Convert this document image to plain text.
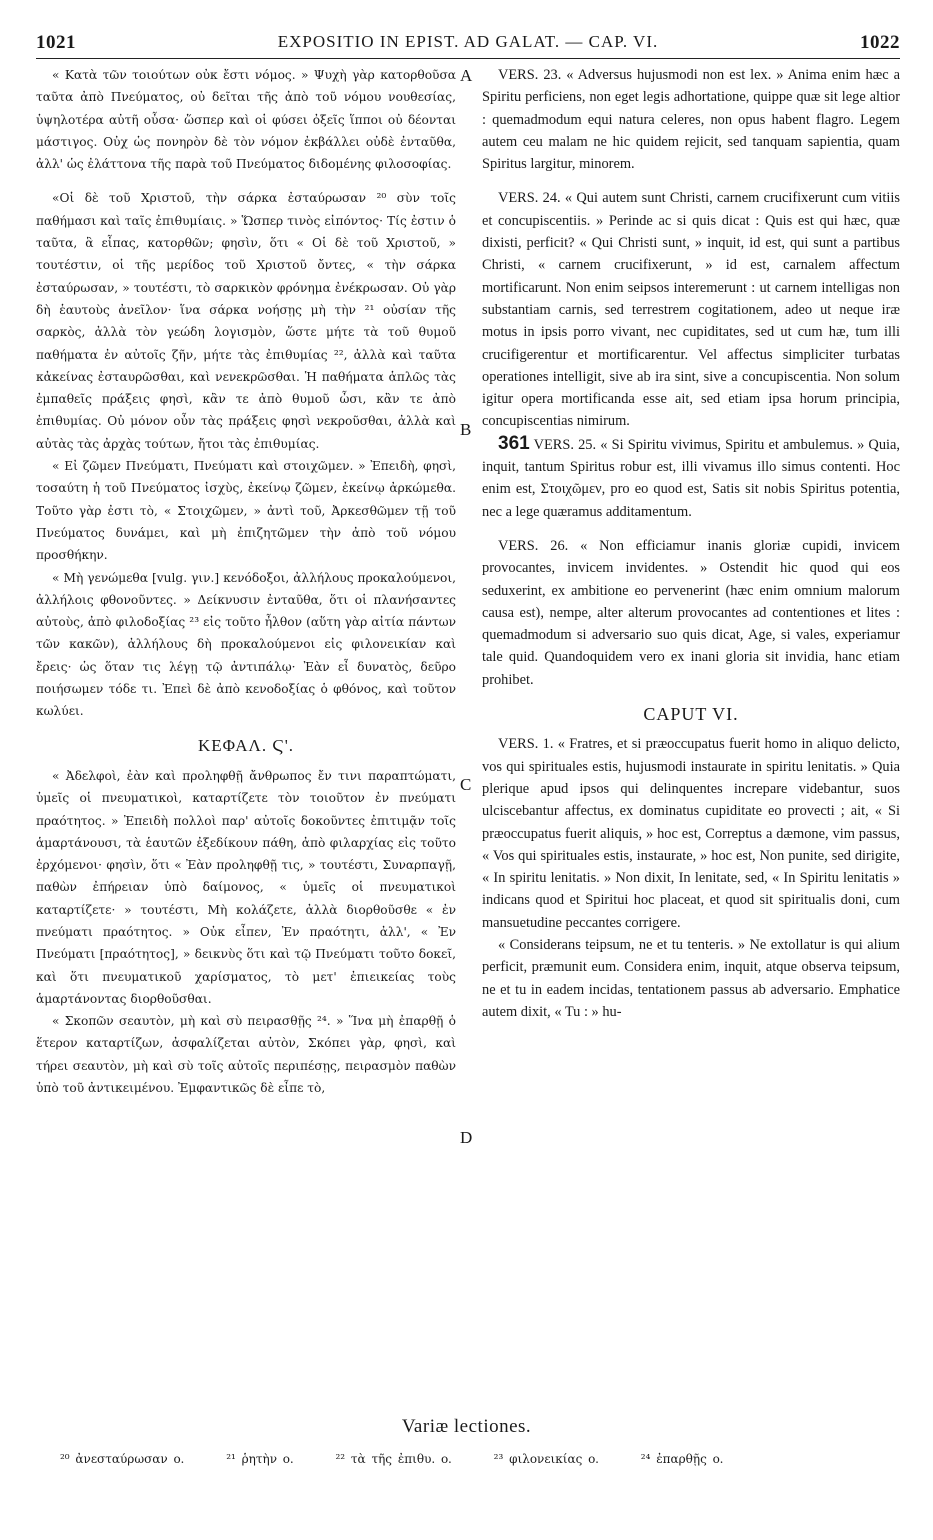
1021	EXPOSITIO IN EPIST. AD GALAT. — CAP. VI.	1022
A
B
C
D

« Κατὰ τῶν τοιούτων οὐκ ἔστι νόμος. » Ψυχὴ γὰρ κατορθοῦσα ταῦτα ἀπὸ Πνεύματος, οὐ δεῖται τῆς ἀπὸ τοῦ νόμου νουθεσίας, ὑψηλοτέρα αὐτῆ οὖσα· ὥσπερ καὶ οἱ φύσει ὀξεῖς ἵπποι οὐ δέονται μάστιγος. Οὐχ ὡς πονηρὸν δὲ τὸν νόμον ἐκβάλλει οὐδὲ ἐνταῦθα, ἀλλ' ὡς ἐλάττονα τῆς παρὰ τοῦ Πνεύματος διδομένης φιλοσοφίας.

«Οἱ δὲ τοῦ Χριστοῦ, τὴν σάρκα ἐσταύρωσαν ²⁰ σὺν τοῖς παθήμασι καὶ ταῖς ἐπιθυμίαις. » Ὥσπερ τινὸς εἰπόντος· Τίς ἐστιν ὁ ταῦτα, ἃ εἶπας, κατορθῶν; φησὶν, ὅτι « Οἱ δὲ τοῦ Χριστοῦ, » τουτέστιν, οἱ τῆς μερίδος τοῦ Χριστοῦ ὄντες, « τὴν σάρκα ἐσταύρωσαν, » τουτέστι, τὸ σαρκικὸν φρόνημα ἐνέκρωσαν. Οὐ γὰρ δὴ ἑαυτοὺς ἀνεῖλον· ἵνα σάρκα νοήσῃς μὴ τὴν ²¹ οὐσίαν τῆς σαρκὸς, ἀλλὰ τὸν γεώδη λογισμὸν, ὥστε μήτε τὰ τοῦ θυμοῦ παθήματα ἐν αὐτοῖς ζῆν, μήτε τὰς ἐπιθυμίας ²², ἀλλὰ καὶ ταῦτα κἀκείνας ἐσταυρῶσθαι, καὶ νενεκρῶσθαι. Ἡ παθήματα ἁπλῶς τὰς ἐμπαθεῖς πράξεις φησὶ, κἂν τε ἀπὸ θυμοῦ ὦσι, κἂν τε ἀπὸ ἐπιθυμίας. Οὐ μόνον οὖν τὰς πράξεις φησὶ νεκροῦσθαι, ἀλλὰ καὶ αὐτὰς τὰς ἀρχὰς τούτων, ἤτοι τὰς ἐπιθυμίας.

« Εἰ ζῶμεν Πνεύματι, Πνεύματι καὶ στοιχῶμεν. » Ἐπειδὴ, φησὶ, τοσαύτη ἡ τοῦ Πνεύματος ἰσχὺς, ἐκείνῳ ζῶμεν, ἐκείνῳ ἀρκώμεθα. Τοῦτο γὰρ ἐστι τὸ, « Στοιχῶμεν, » ἀντὶ τοῦ, Ἀρκεσθῶμεν τῇ τοῦ Πνεύματος δυνάμει, καὶ μὴ ἐπιζητῶμεν τὴν ἀπὸ τοῦ νόμου προσθήκην.

« Μὴ γενώμεθα [vulg. γιν.] κενόδοξοι, ἀλλήλους προκαλούμενοι, ἀλλήλοις φθονοῦντες. » Δείκνυσιν ἐνταῦθα, ὅτι οἱ πλανήσαντες αὐτοὺς, ἀπὸ φιλοδοξίας ²³ εἰς τοῦτο ἦλθον (αὕτη γὰρ αἰτία πάντων τῶν κακῶν), ἀλλήλους δὴ προκαλούμενοι εἰς φιλονεικίαν καὶ ἔρεις· ὡς ὅταν τις λέγῃ τῷ ἀντιπάλῳ· Ἐὰν εἶ δυνατὸς, δεῦρο ποιήσωμεν τόδε τι. Ἐπεὶ δὲ ἀπὸ κενοδοξίας ὁ φθόνος, καὶ τοῦτον κωλύει.

ΚΕΦΑΛ. Ϛ'.

« Ἀδελφοὶ, ἐὰν καὶ προληφθῇ ἄνθρωπος ἔν τινι παραπτώματι, ὑμεῖς οἱ πνευματικοὶ, καταρτίζετε τὸν τοιοῦτον ἐν πνεύματι πραότητος. » Ἐπειδὴ πολλοὶ παρ' αὐτοῖς δοκοῦντες ἐπιτιμᾷν τοῖς ἁμαρτάνουσι, τὰ ἑαυτῶν ἐξεδίκουν πάθη, ἀπὸ φιλαρχίας εἰς τοῦτο ἐρχόμενοι· φησὶν, ὅτι « Ἐὰν προληφθῇ τις, » τουτέστι, Συναρπαγῇ, παθὼν ἐπήρειαν ὑπὸ δαίμονος, « ὑμεῖς οἱ πνευματικοὶ καταρτίζετε· » τουτέστι, Μὴ κολάζετε, ἀλλὰ διορθοῦσθε « ἐν πνεύματι πραότητος. » Οὐκ εἶπεν, Ἐν πραότητι, ἀλλ', « Ἐν Πνεύματι [πραότητος], » δεικνὺς ὅτι καὶ τῷ Πνεύματι τοῦτο δοκεῖ, καὶ ὅτι πνευματικοῦ χαρίσματος, τὸ μετ' ἐπιεικείας τοὺς ἁμαρτάνοντας διορθοῦσθαι.

« Σκοπῶν σεαυτὸν, μὴ καὶ σὺ πειρασθῇς ²⁴. » Ἵνα μὴ ἐπαρθῇ ὁ ἕτερον καταρτίζων, ἀσφαλίζεται αὐτὸν, Σκόπει γὰρ, φησὶ, καὶ τήρει σεαυτὸν, μὴ καὶ σὺ τοῖς αὐτοῖς περιπέσῃς, πειρασμὸν παθὼν ὑπὸ τοῦ ἀντικειμένου. Ἐμφαντικῶς δὲ εἶπε τὸ,

VERS. 23. « Adversus hujusmodi non est lex. » Anima enim hæc a Spiritu perficiens, non eget legis adhortatione, quippe quæ sit lege altior : quemadmodum equi natura celeres, non opus habent flagro. Legem autem ceu malam ne hic quidem rejicit, sed tanquam sapientia, quam Spiritus largitur, minorem.

VERS. 24. « Qui autem sunt Christi, carnem crucifixerunt cum vitiis et concupiscentiis. » Perinde ac si quis dicat : Quis est qui hæc, quæ dixisti, perficit? « Qui Christi sunt, » inquit, id est, qui sunt a partibus Christi, « carnem crucifixerunt, » id est, carnalem affectum mortificarunt. Non enim seipsos interemerunt : ut carnem intelligas non substantiam carnis, sed terrestrem cogitationem, adeo ut neque iræ motus in ipsis porro vivant, nec cupiditates, sed ut cum hæ, tum illi crucifigerentur et mortificarentur. Vel affectus simpliciter turbatas operationes intelligit, sive ab ira sint, sive a concupiscentia. Non solum igitur opera mortificanda esse ait, sed etiam ipsa horum principia, concupiscentias nimirum.

361 VERS. 25. « Si Spiritu vivimus, Spiritu et ambulemus. » Quia, inquit, tantum Spiritus robur est, illi vivamus illo simus contenti. Hoc enim est, Στοιχῶμεν, pro eo quod est, Satis sit nobis Spiritus potentia, nec a lege quæramus additamentum.

VERS. 26. « Non efficiamur inanis gloriæ cupidi, invicem provocantes, invicem invidentes. » Ostendit hic quod qui eos seduxerint, ex ambitione eo pervenerint (hæc enim omnium malorum causa est), nempe, alter alterum provocantes ad contentiones et lites : quemadmodum si adversario suo quis dicat, Age, si vales, experiamur tale quid. Quandoquidem vero ex inani gloria sit invidia, hanc etiam prohibet.

CAPUT VI.

VERS. 1. « Fratres, et si præoccupatus fuerit homo in aliquo delicto, vos qui spirituales estis, hujusmodi instaurate in spiritu lenitatis. » Quia plerique apud ipsos qui delinquentes increpare videbantur, suos ulciscebantur affectus, ex dominatus cupiditate eo provecti ; ait, « Si præoccupatus fuerit aliquis, » hoc est, Correptus a dæmone, vim passus, « Vos qui spirituales estis, instaurate, » hoc est, Non punite, sed dirigite, « In spiritu lenitatis. » Non dixit, In lenitate, sed, « In Spiritu lenitatis » indicans quod et Spiritui hoc placeat, et quod sit spiritualis doni, cum mansuetudine peccantes corrigere.

« Considerans teipsum, ne et tu tenteris. » Ne extollatur is qui alium perficit, præmunit eum. Considera enim, inquit, atque observa teipsum, ne et tu in eadem incidas, tentationem passus ab adversario. Emphatice autem dixit, « Tu : » hu-

Variæ lectiones.
²⁰ ἀνεσταύρωσαν o.	²¹ ῥητὴν o.	²² τὰ τῆς ἐπιθυ. o.	²³ φιλονεικίας o.	²⁴ ἐπαρθῇς o.
